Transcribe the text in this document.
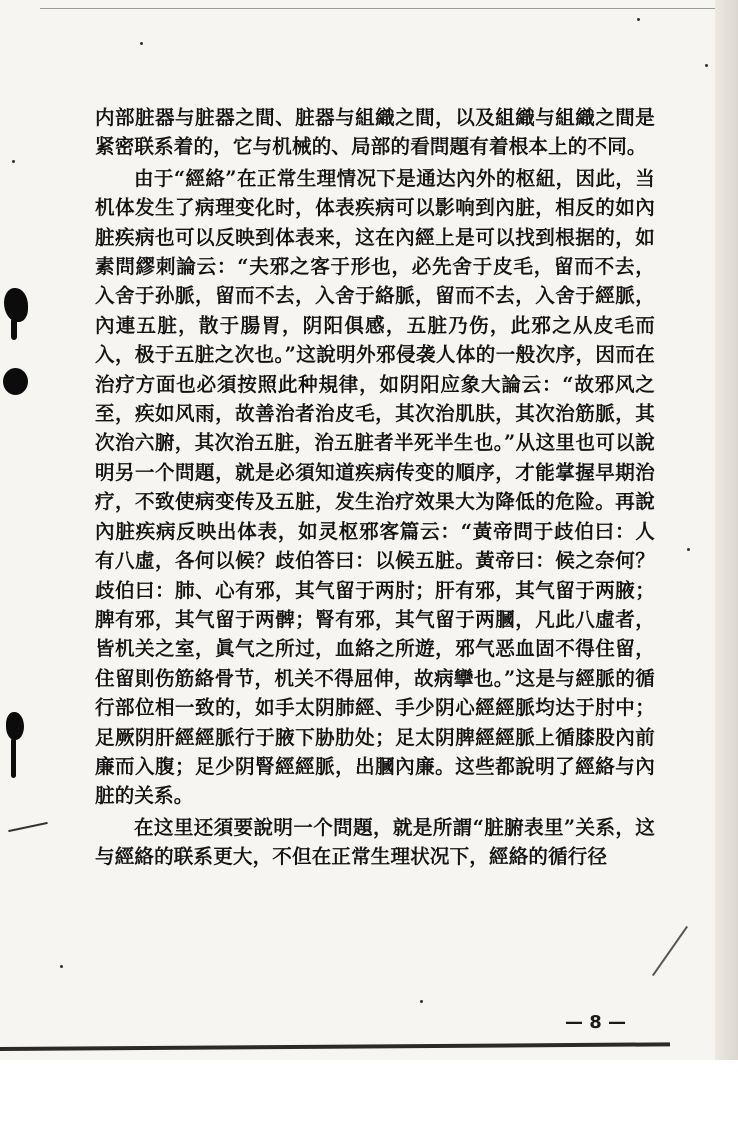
内部脏器与脏器之間、脏器与組織之間，以及組織与組織之間是紧密联系着的，它与机械的、局部的看問題有着根本上的不同。

由于“經絡”在正常生理情况下是通达內外的枢紐，因此，当机体发生了病理变化时，体表疾病可以影响到內脏，相反的如內脏疾病也可以反映到体表来，这在內經上是可以找到根据的，如素問繆刺論云：“夫邪之客于形也，必先舍于皮毛，留而不去，入舍于孙脈，留而不去，入舍于絡脈，留而不去，入舍于經脈，內連五脏，散于腸胃，阴阳俱感，五脏乃伤，此邪之从皮毛而入，极于五脏之次也。”这說明外邪侵袭人体的一般次序，因而在治疗方面也必須按照此种規律，如阴阳应象大論云：“故邪风之至，疾如风雨，故善治者治皮毛，其次治肌肤，其次治筋脈，其次治六腑，其次治五脏，治五脏者半死半生也。”从这里也可以說明另一个問題，就是必須知道疾病传变的順序，才能掌握早期治疗，不致使病变传及五脏，发生治疗效果大为降低的危险。再說內脏疾病反映出体表，如灵枢邪客篇云：“黃帝問于歧伯曰：人有八虛，各何以候？歧伯答曰：以候五脏。黃帝曰：候之奈何？歧伯曰：肺、心有邪，其气留于两肘；肝有邪，其气留于两腋；脾有邪，其气留于两髀；腎有邪，其气留于两膕，凡此八虛者，皆机关之室，眞气之所过，血絡之所遊，邪气恶血固不得住留，住留則伤筋絡骨节，机关不得屈伸，故病攣也。”这是与經脈的循行部位相一致的，如手太阴肺經、手少阴心經經脈均达于肘中；足厥阴肝經經脈行于腋下胁肋处；足太阴脾經經脈上循膝股內前廉而入腹；足少阴腎經經脈，出膕內廉。这些都說明了經絡与內脏的关系。

在这里还須要說明一个問題，就是所謂“脏腑表里”关系，这与經絡的联系更大，不但在正常生理状况下，經絡的循行径

— 8 —
